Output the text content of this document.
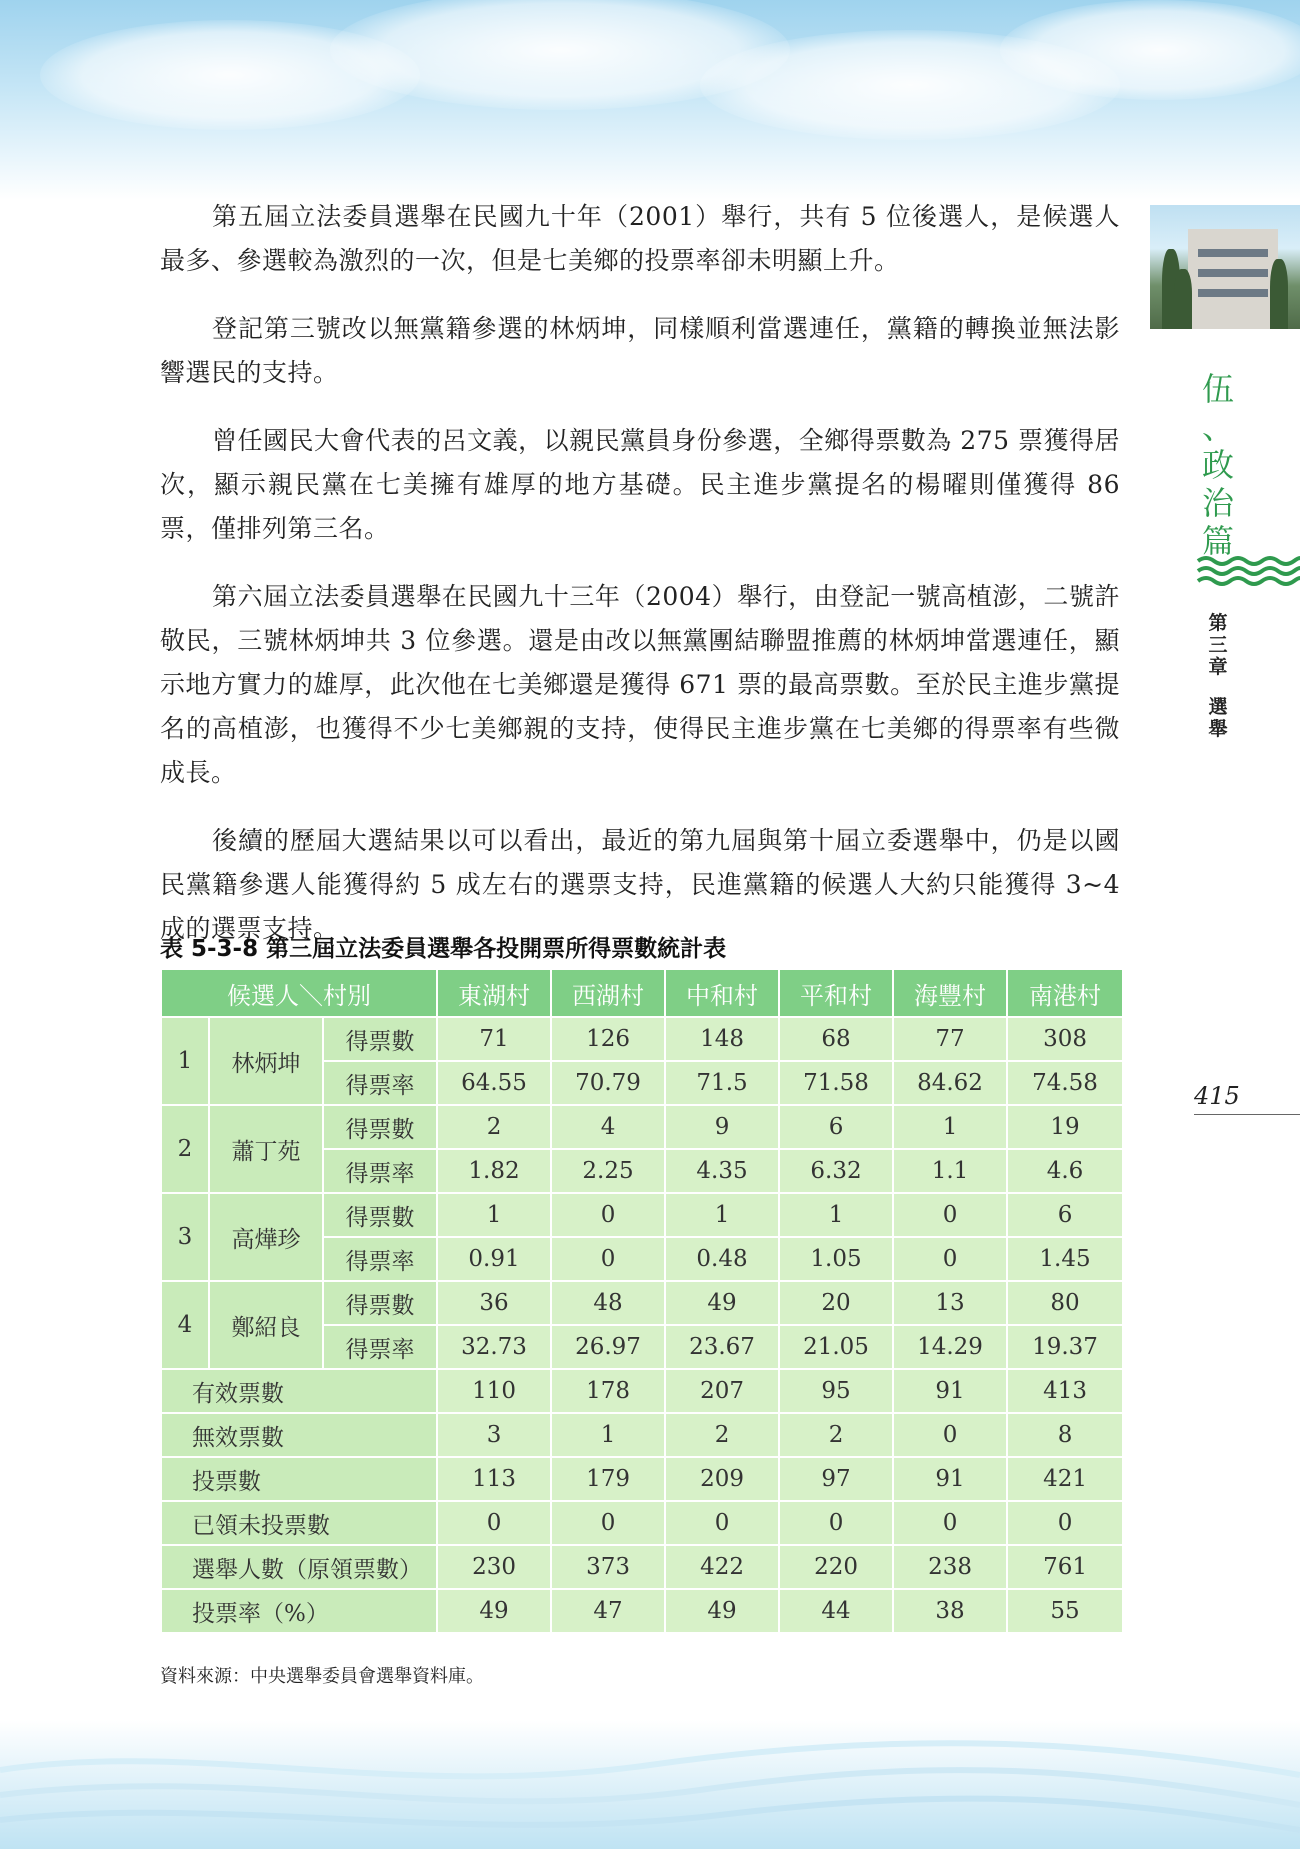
第五屆立法委員選舉在民國九十年（2001）舉行，共有 5 位後選人，是候選人最多、參選較為激烈的一次，但是七美鄉的投票率卻未明顯上升。

登記第三號改以無黨籍參選的林炳坤，同樣順利當選連任，黨籍的轉換並無法影響選民的支持。

曾任國民大會代表的呂文義，以親民黨員身份參選，全鄉得票數為 275 票獲得居次，顯示親民黨在七美擁有雄厚的地方基礎。民主進步黨提名的楊曜則僅獲得 86 票，僅排列第三名。

第六屆立法委員選舉在民國九十三年（2004）舉行，由登記一號高植澎，二號許敬民，三號林炳坤共 3 位參選。還是由改以無黨團結聯盟推薦的林炳坤當選連任，顯示地方實力的雄厚，此次他在七美鄉還是獲得 671 票的最高票數。至於民主進步黨提名的高植澎，也獲得不少七美鄉親的支持，使得民主進步黨在七美鄉的得票率有些微成長。

後續的歷屆大選結果以可以看出，最近的第九屆與第十屆立委選舉中，仍是以國民黨籍參選人能獲得約 5 成左右的選票支持，民進黨籍的候選人大約只能獲得 3~4 成的選票支持。

伍
、
政
治
篇
第
三
章
選
舉
415
表 5-3-8 第三屆立法委員選舉各投開票所得票數統計表
候選人＼村別			東湖村	西湖村	中和村	平和村	海豐村	南港村
1	林炳坤	得票數	71	126	148	68	77	308
		得票率	64.55	70.79	71.5	71.58	84.62	74.58
2	蕭丁苑	得票數	2	4	9	6	1	19
		得票率	1.82	2.25	4.35	6.32	1.1	4.6
3	高燁珍	得票數	1	0	1	1	0	6
		得票率	0.91	0	0.48	1.05	0	1.45
4	鄭紹良	得票數	36	48	49	20	13	80
		得票率	32.73	26.97	23.67	21.05	14.29	19.37
有效票數			110	178	207	95	91	413
無效票數			3	1	2	2	0	8
投票數			113	179	209	97	91	421
已領未投票數			0	0	0	0	0	0
選舉人數（原領票數）			230	373	422	220	238	761
投票率（%）			49	47	49	44	38	55
資料來源：中央選舉委員會選舉資料庫。
